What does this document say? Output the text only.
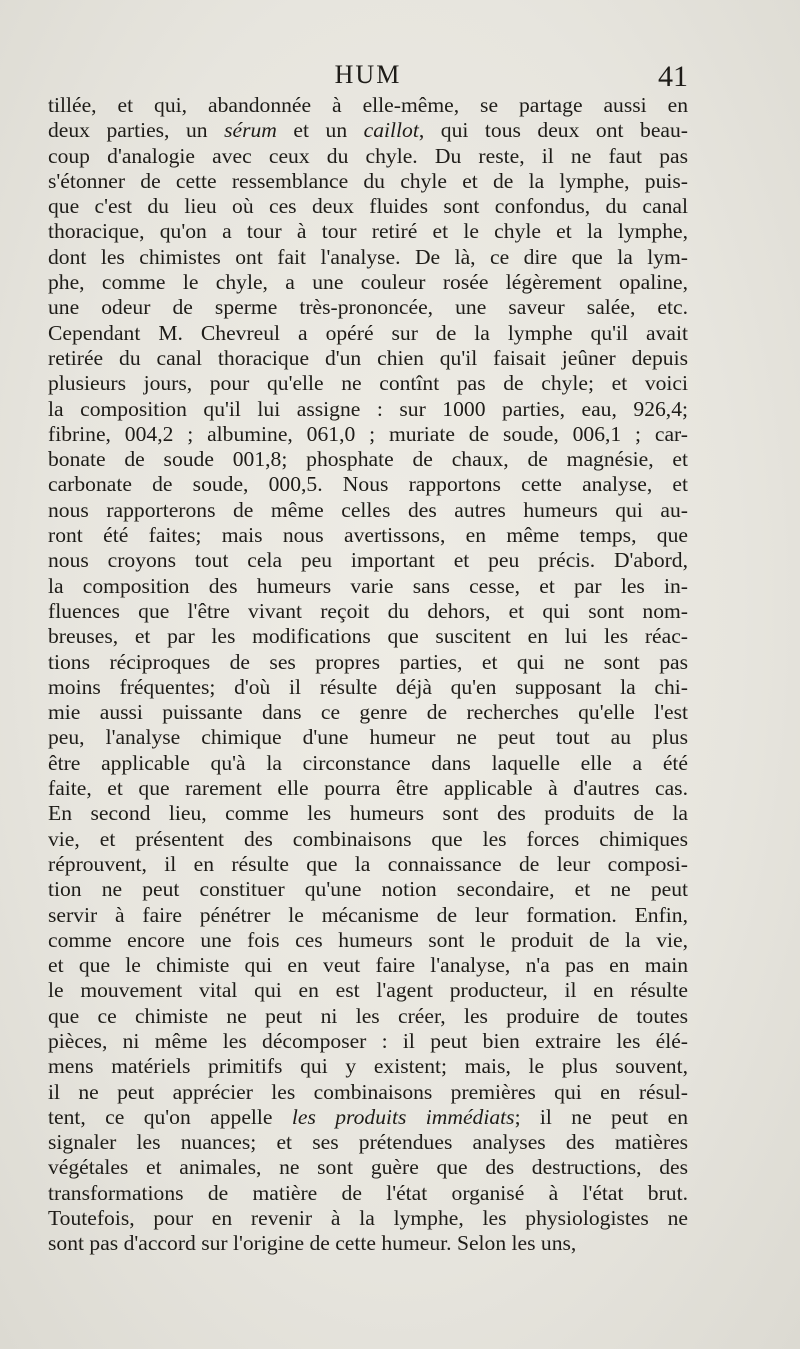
HUM	41
tillée, et qui, abandonnée à elle-même, se partage aussi en
deux parties, un sérum et un caillot, qui tous deux ont beau-
coup d'analogie avec ceux du chyle. Du reste, il ne faut pas
s'étonner de cette ressemblance du chyle et de la lymphe, puis-
que c'est du lieu où ces deux fluides sont confondus, du canal
thoracique, qu'on a tour à tour retiré et le chyle et la lymphe,
dont les chimistes ont fait l'analyse. De là, ce dire que la lym-
phe, comme le chyle, a une couleur rosée légèrement opaline,
une odeur de sperme très-prononcée, une saveur salée, etc.
Cependant M. Chevreul a opéré sur de la lymphe qu'il avait
retirée du canal thoracique d'un chien qu'il faisait jeûner depuis
plusieurs jours, pour qu'elle ne contînt pas de chyle; et voici
la composition qu'il lui assigne : sur 1000 parties, eau, 926,4;
fibrine, 004,2 ; albumine, 061,0 ; muriate de soude, 006,1 ; car-
bonate de soude 001,8; phosphate de chaux, de magnésie, et
carbonate de soude, 000,5. Nous rapportons cette analyse, et
nous rapporterons de même celles des autres humeurs qui au-
ront été faites; mais nous avertissons, en même temps, que
nous croyons tout cela peu important et peu précis. D'abord,
la composition des humeurs varie sans cesse, et par les in-
fluences que l'être vivant reçoit du dehors, et qui sont nom-
breuses, et par les modifications que suscitent en lui les réac-
tions réciproques de ses propres parties, et qui ne sont pas
moins fréquentes; d'où il résulte déjà qu'en supposant la chi-
mie aussi puissante dans ce genre de recherches qu'elle l'est
peu, l'analyse chimique d'une humeur ne peut tout au plus
être applicable qu'à la circonstance dans laquelle elle a été
faite, et que rarement elle pourra être applicable à d'autres cas.
En second lieu, comme les humeurs sont des produits de la
vie, et présentent des combinaisons que les forces chimiques
réprouvent, il en résulte que la connaissance de leur composi-
tion ne peut constituer qu'une notion secondaire, et ne peut
servir à faire pénétrer le mécanisme de leur formation. Enfin,
comme encore une fois ces humeurs sont le produit de la vie,
et que le chimiste qui en veut faire l'analyse, n'a pas en main
le mouvement vital qui en est l'agent producteur, il en résulte
que ce chimiste ne peut ni les créer, les produire de toutes
pièces, ni même les décomposer : il peut bien extraire les élé-
mens matériels primitifs qui y existent; mais, le plus souvent,
il ne peut apprécier les combinaisons premières qui en résul-
tent, ce qu'on appelle les produits immédiats; il ne peut en
signaler les nuances; et ses prétendues analyses des matières
végétales et animales, ne sont guère que des destructions, des
transformations de matière de l'état organisé à l'état brut.
Toutefois, pour en revenir à la lymphe, les physiologistes ne
sont pas d'accord sur l'origine de cette humeur. Selon les uns,
